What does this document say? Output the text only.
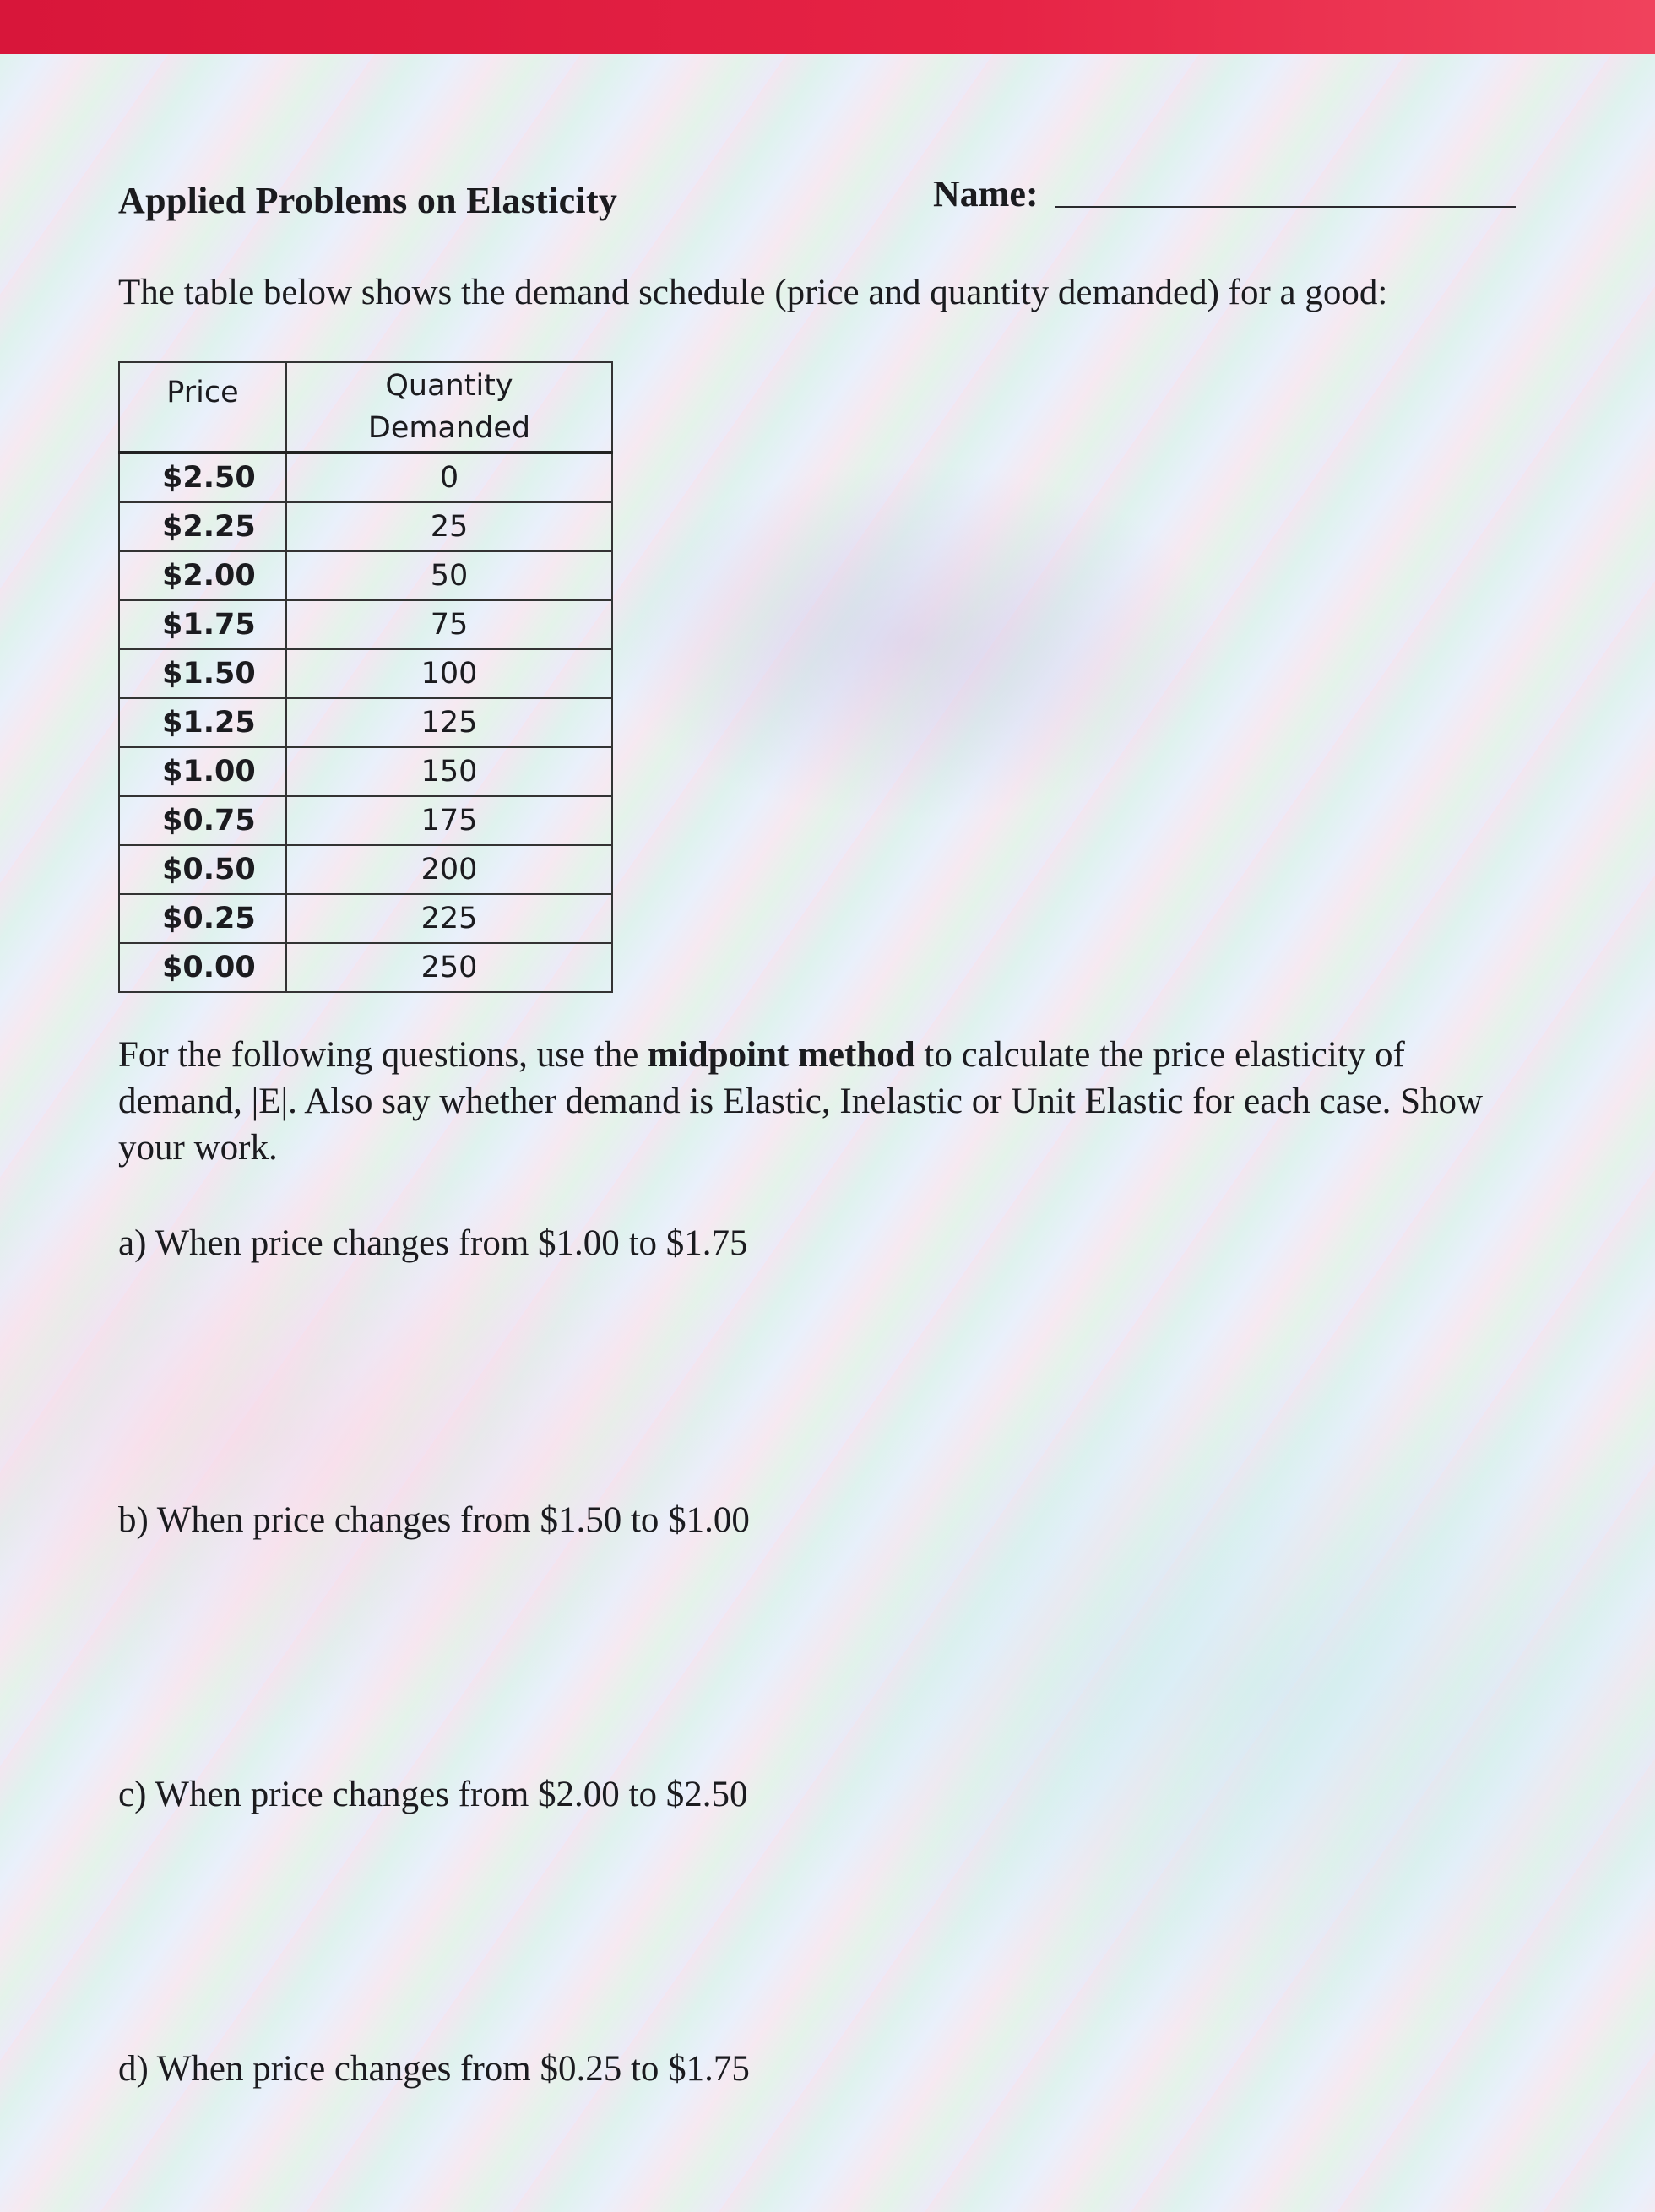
Applied Problems on Elasticity	Name:
The table below shows the demand schedule (price and quantity demanded) for a good:
Price	Quantity
Demanded
$2.50	0
$2.25	25
$2.00	50
$1.75	75
$1.50	100
$1.25	125
$1.00	150
$0.75	175
$0.50	200
$0.25	225
$0.00	250
For the following questions, use the midpoint method to calculate the price elasticity of demand, |E|. Also say whether demand is Elastic, Inelastic or Unit Elastic for each case. Show your work.
a) When price changes from $1.00 to $1.75
b) When price changes from $1.50 to $1.00
c) When price changes from $2.00 to $2.50
d) When price changes from $0.25 to $1.75
